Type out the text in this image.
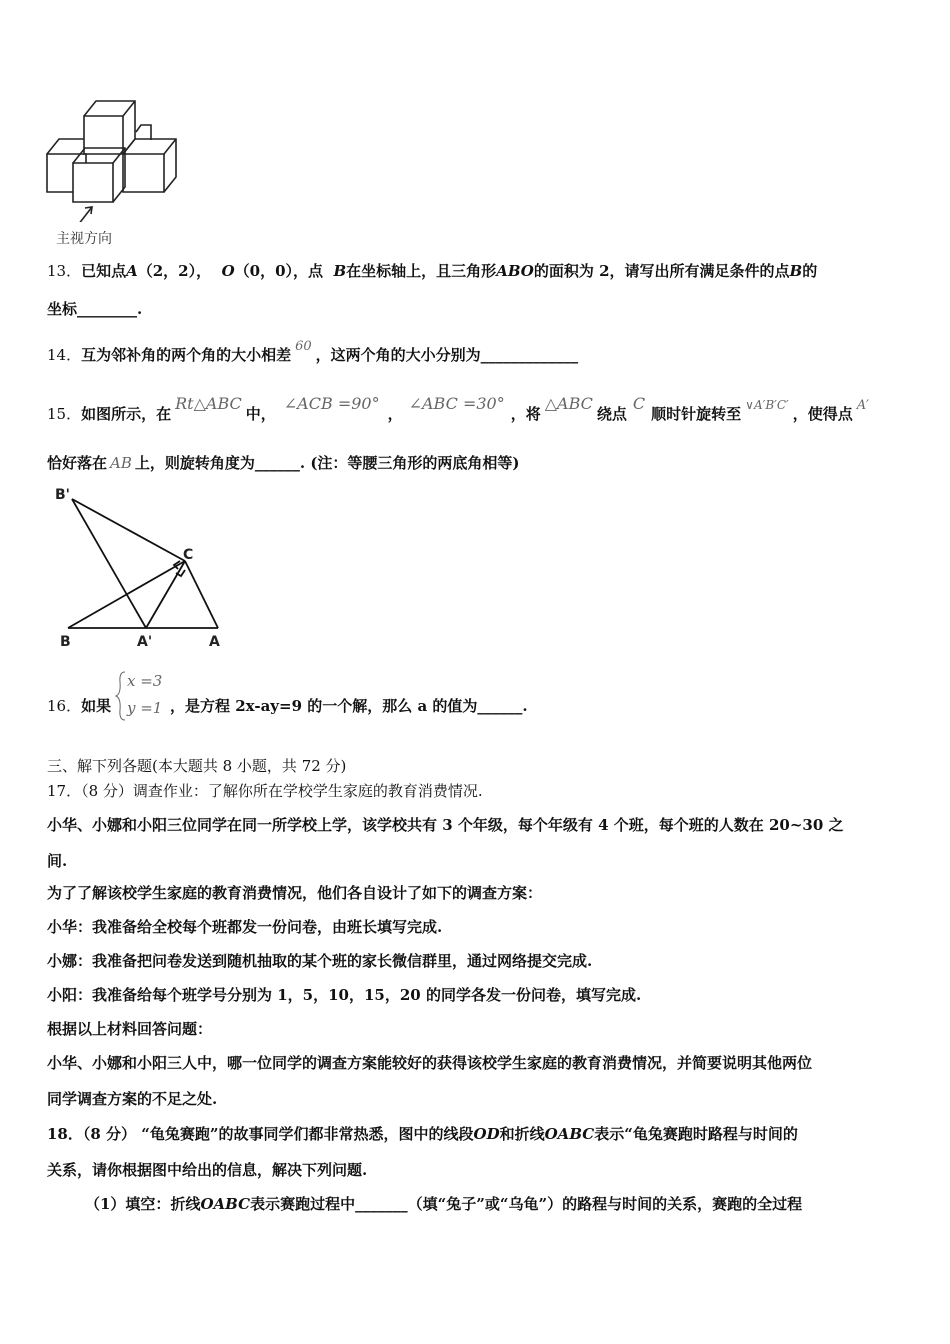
主视方向
13．已知点A（2，2）， O（0，0），点 B在坐标轴上，且三角形ABO的面积为 2，请写出所有满足条件的点B的
坐标________.
14．互为邻补角的两个角的大小相差 60 ，这两个角的大小分别为_____________
15．如图所示，在Rt△ABC中，∠ACB =90°，∠ABC =30°，将△ABC绕点C顺时针旋转至 $^{\vee A'B'C'}$ ，使得点 A′
恰好落在 AB 上，则旋转角度为______. (注：等腰三角形的两底角相等)
B'
C
B	A'	A
16．如果
x =3
y =1 ，是方程 2x-ay=9 的一个解，那么 a 的值为______.
三、解下列各题(本大题共 8 小题，共 72 分)
17．（8 分）调查作业：了解你所在学校学生家庭的教育消费情况.
小华、小娜和小阳三位同学在同一所学校上学，该学校共有 3 个年级，每个年级有 4 个班，每个班的人数在 20~30 之
间.
为了了解该校学生家庭的教育消费情况，他们各自设计了如下的调查方案：
小华：我准备给全校每个班都发一份问卷，由班长填写完成.
小娜：我准备把问卷发送到随机抽取的某个班的家长微信群里，通过网络提交完成.
小阳：我准备给每个班学号分别为 1，5，10，15，20 的同学各发一份问卷，填写完成.
根据以上材料回答问题：
小华、小娜和小阳三人中，哪一位同学的调查方案能较好的获得该校学生家庭的教育消费情况，并简要说明其他两位
同学调查方案的不足之处.
18．（8 分） “龟兔赛跑”的故事同学们都非常热悉，图中的线段OD和折线OABC表示“龟兔赛跑时路程与时间的
关系，请你根据图中给出的信息，解决下列问题.
（1）填空：折线OABC表示赛跑过程中_______（填“兔子”或“乌龟”）的路程与时间的关系，赛跑的全过程
